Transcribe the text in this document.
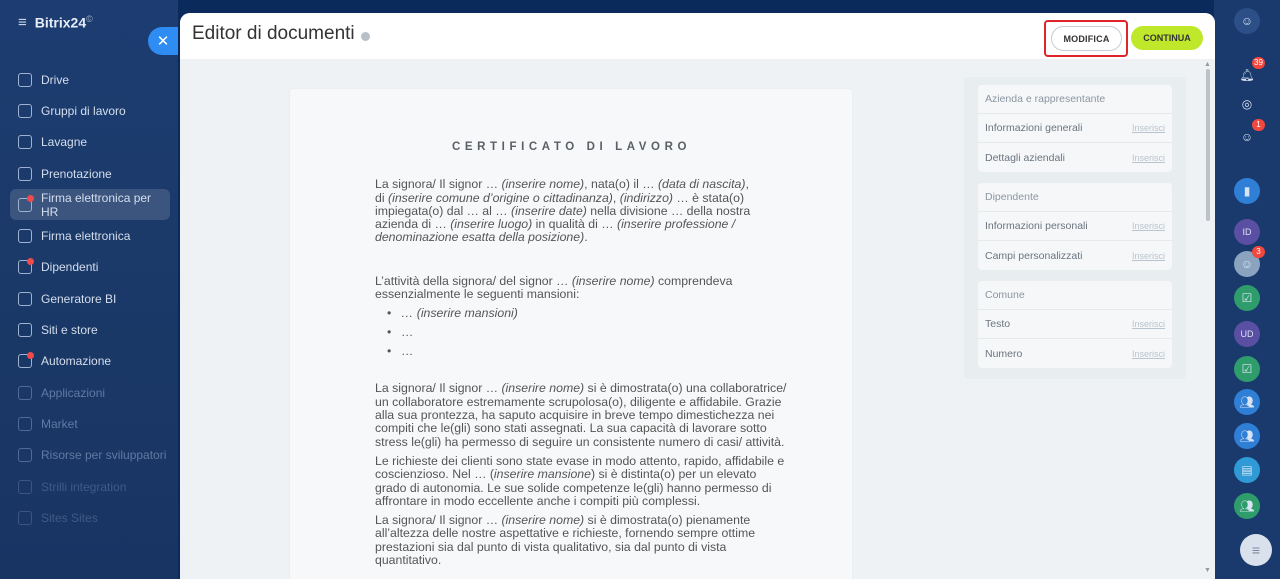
≡ Bitrix24©
Drive
Gruppi di lavoro
Lavagne
Prenotazione
Firma elettronica per HR
Firma elettronica
Dipendenti
Generatore BI
Siti e store
Automazione
Applicazioni
Market
Risorse per sviluppatori
Strilli integration
Sites Sites
✕
☺
🔔︎
39
◎
☺
1
▮
ID
☺
3
☑
UD
☑
👥︎
👥︎
▤
👥︎
≡
Editor di documenti	MODIFICA	CONTINUA
CERTIFICATO DI LAVORO

La signora/ Il signor … (inserire nome), nata(o) il … (data di nascita),
di (inserire comune d’origine o cittadinanza), (indirizzo) … è stata(o)
impiegata(o) dal … al … (inserire date) nella divisione … della nostra
azienda di … (inserire luogo) in qualità di … (inserire professione /
denominazione esatta della posizione).

L’attività della signora/ del signor … (inserire nome) comprendeva
essenzialmente le seguenti mansioni:

• … (inserire mansioni)
• …
• …

La signora/ Il signor … (inserire nome) si è dimostrata(o) una collaboratrice/ un collaboratore estremamente scrupolosa(o), diligente e affidabile. Grazie alla sua prontezza, ha saputo acquisire in breve tempo dimestichezza nei compiti che le(gli) sono stati assegnati. La sua capacità di lavorare sotto stress le(gli) ha permesso di seguire un consistente numero di casi/ attività.

Le richieste dei clienti sono state evase in modo attento, rapido, affidabile e coscienzioso. Nel … (inserire mansione) si è distinta(o) per un elevato grado di autonomia. Le sue solide competenze le(gli) hanno permesso di affrontare in modo eccellente anche i compiti più complessi.

La signora/ Il signor … (inserire nome) si è dimostrata(o) pienamente all’altezza delle nostre aspettative e richieste, fornendo sempre ottime prestazioni sia dal punto di vista qualitativo, sia dal punto di vista quantitativo.

Azienda e rappresentante
Informazioni generali	Inserisci
Dettagli aziendali	Inserisci
Dipendente
Informazioni personali	Inserisci
Campi personalizzati	Inserisci
Comune
Testo	Inserisci
Numero	Inserisci
▲
▼
